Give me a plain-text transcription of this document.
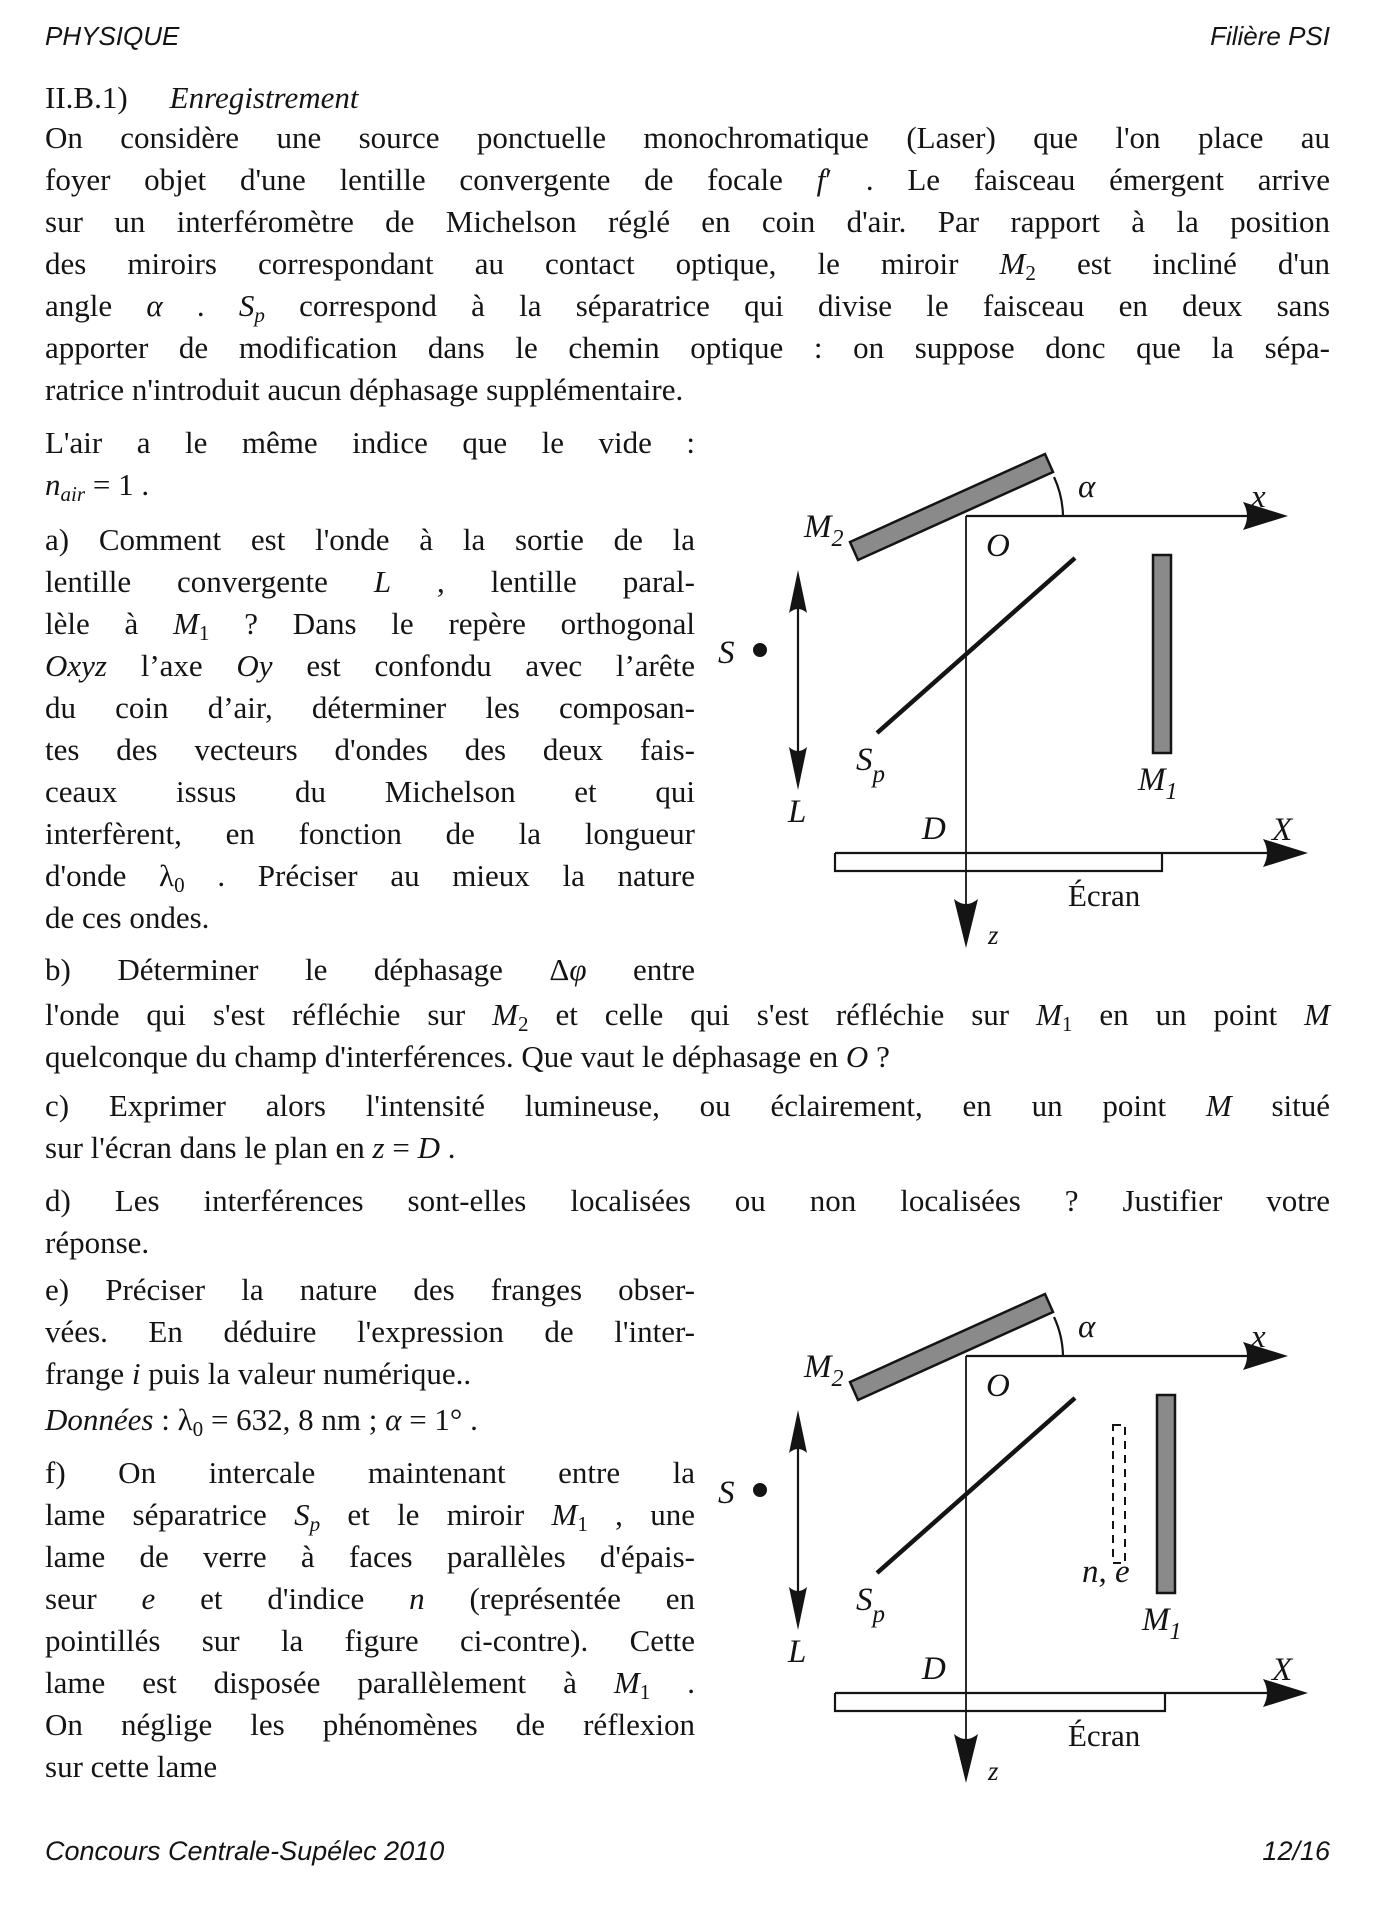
PHYSIQUE	Filière PSI
II.B.1) Enregistrement
On considère une source ponctuelle monochromatique (Laser) que l'on place au
foyer objet d'une lentille convergente de focale f′ . Le faisceau émergent arrive
sur un interféromètre de Michelson réglé en coin d'air. Par rapport à la position
des miroirs correspondant au contact optique, le miroir $M_2$ est incliné d'un
angle α . $S_p$ correspond à la séparatrice qui divise le faisceau en deux sans
apporter de modification dans le chemin optique : on suppose donc que la sépa-
ratrice n'introduit aucun déphasage supplémentaire.
L'air a le même indice que le vide :
$n_{air} = 1$ .
a) Comment est l'onde à la sortie de la
lentille convergente L , lentille paral-
lèle à $M_1$ ? Dans le repère orthogonal
Oxyz l’axe Oy est confondu avec l’arête
du coin d’air, déterminer les composan-
tes des vecteurs d'ondes des deux fais-
ceaux issus du Michelson et qui
interfèrent, en fonction de la longueur
d'onde $\lambda_0$ . Préciser au mieux la nature
de ces ondes.
b) Déterminer le déphasage Δφ entre
l'onde qui s'est réfléchie sur $M_2$ et celle qui s'est réfléchie sur $M_1$ en un point M
quelconque du champ d'interférences. Que vaut le déphasage en O ?
c) Exprimer alors l'intensité lumineuse, ou éclairement, en un point M situé
sur l'écran dans le plan en z = D .
d) Les interférences sont-elles localisées ou non localisées ? Justifier votre
réponse.
e) Préciser la nature des franges obser-
vées. En déduire l'expression de l'inter-
frange i puis la valeur numérique..
Données : $\lambda_0 = 632$, 8 nm ; α = 1° .
f) On intercale maintenant entre la
lame séparatrice $S_p$ et le miroir $M_1$ , une
lame de verre à faces parallèles d'épais-
seur e et d'indice n (représentée en
pointillés sur la figure ci-contre). Cette
lame est disposée parallèlement à $M_1$ .
On néglige les phénomènes de réflexion
sur cette lame
$M_2$
x
α
O
z
$S_p$
L
S
$M_1$
X
D
Écran
$M_2$
x
α
O
z
$S_p$
L
S
n, e
$M_1$
X
D
Écran
Concours Centrale-Supélec 2010	12/16
